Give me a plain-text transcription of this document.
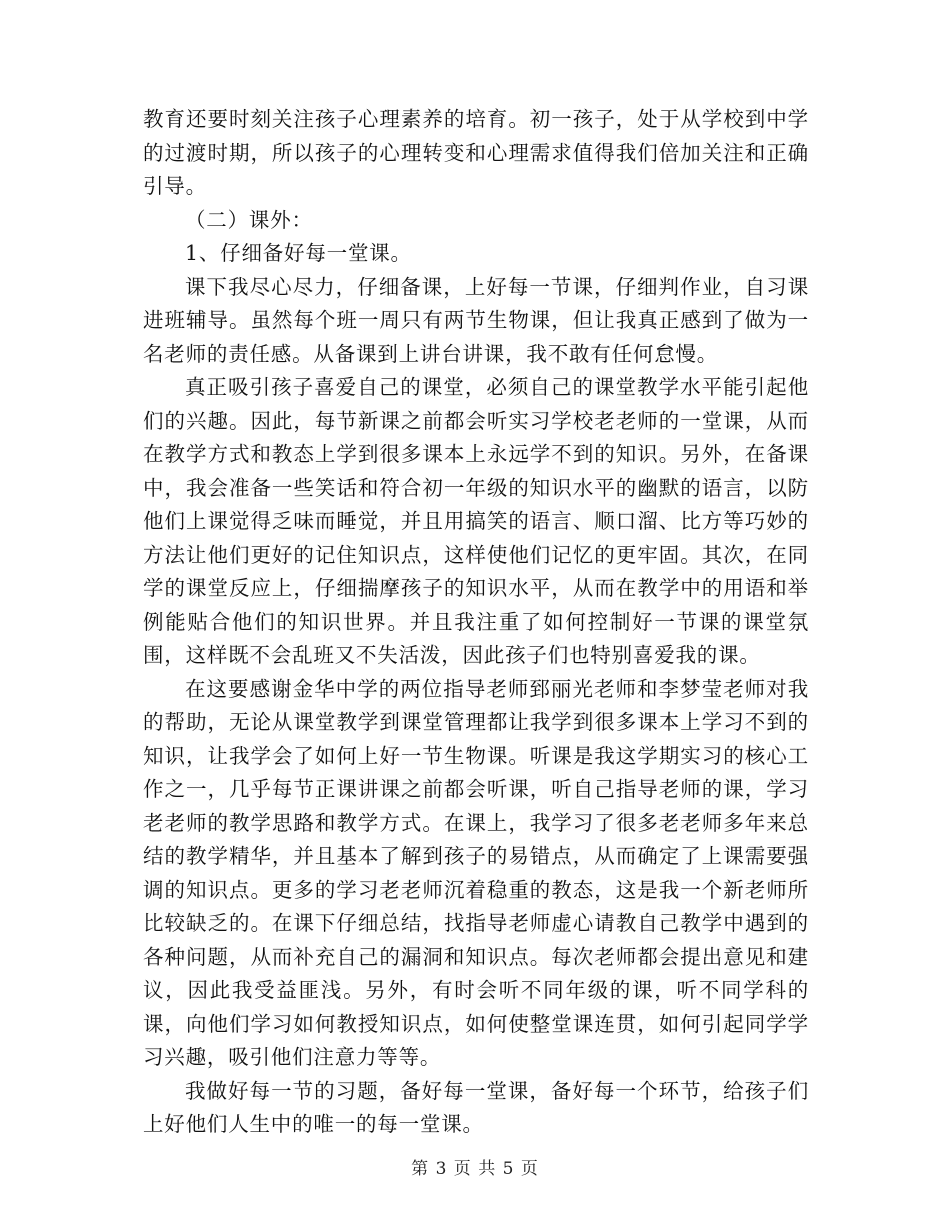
教育还要时刻关注孩子心理素养的培育。初一孩子，处于从学校到中学的过渡时期，所以孩子的心理转变和心理需求值得我们倍加关注和正确引导。

（二）课外：

1、仔细备好每一堂课。

课下我尽心尽力，仔细备课，上好每一节课，仔细判作业，自习课进班辅导。虽然每个班一周只有两节生物课，但让我真正感到了做为一名老师的责任感。从备课到上讲台讲课，我不敢有任何怠慢。

真正吸引孩子喜爱自己的课堂，必须自己的课堂教学水平能引起他们的兴趣。因此，每节新课之前都会听实习学校老老师的一堂课，从而在教学方式和教态上学到很多课本上永远学不到的知识。另外，在备课中，我会准备一些笑话和符合初一年级的知识水平的幽默的语言，以防他们上课觉得乏味而睡觉，并且用搞笑的语言、顺口溜、比方等巧妙的方法让他们更好的记住知识点，这样使他们记忆的更牢固。其次，在同学的课堂反应上，仔细揣摩孩子的知识水平，从而在教学中的用语和举例能贴合他们的知识世界。并且我注重了如何控制好一节课的课堂氛围，这样既不会乱班又不失活泼，因此孩子们也特别喜爱我的课。

在这要感谢金华中学的两位指导老师郅丽光老师和李梦莹老师对我的帮助，无论从课堂教学到课堂管理都让我学到很多课本上学习不到的知识，让我学会了如何上好一节生物课。听课是我这学期实习的核心工作之一，几乎每节正课讲课之前都会听课，听自己指导老师的课，学习老老师的教学思路和教学方式。在课上，我学习了很多老老师多年来总结的教学精华，并且基本了解到孩子的易错点，从而确定了上课需要强调的知识点。更多的学习老老师沉着稳重的教态，这是我一个新老师所比较缺乏的。在课下仔细总结，找指导老师虚心请教自己教学中遇到的各种问题，从而补充自己的漏洞和知识点。每次老师都会提出意见和建议，因此我受益匪浅。另外，有时会听不同年级的课，听不同学科的课，向他们学习如何教授知识点，如何使整堂课连贯，如何引起同学学习兴趣，吸引他们注意力等等。

我做好每一节的习题，备好每一堂课，备好每一个环节，给孩子们上好他们人生中的唯一的每一堂课。

第 3 页 共 5 页
